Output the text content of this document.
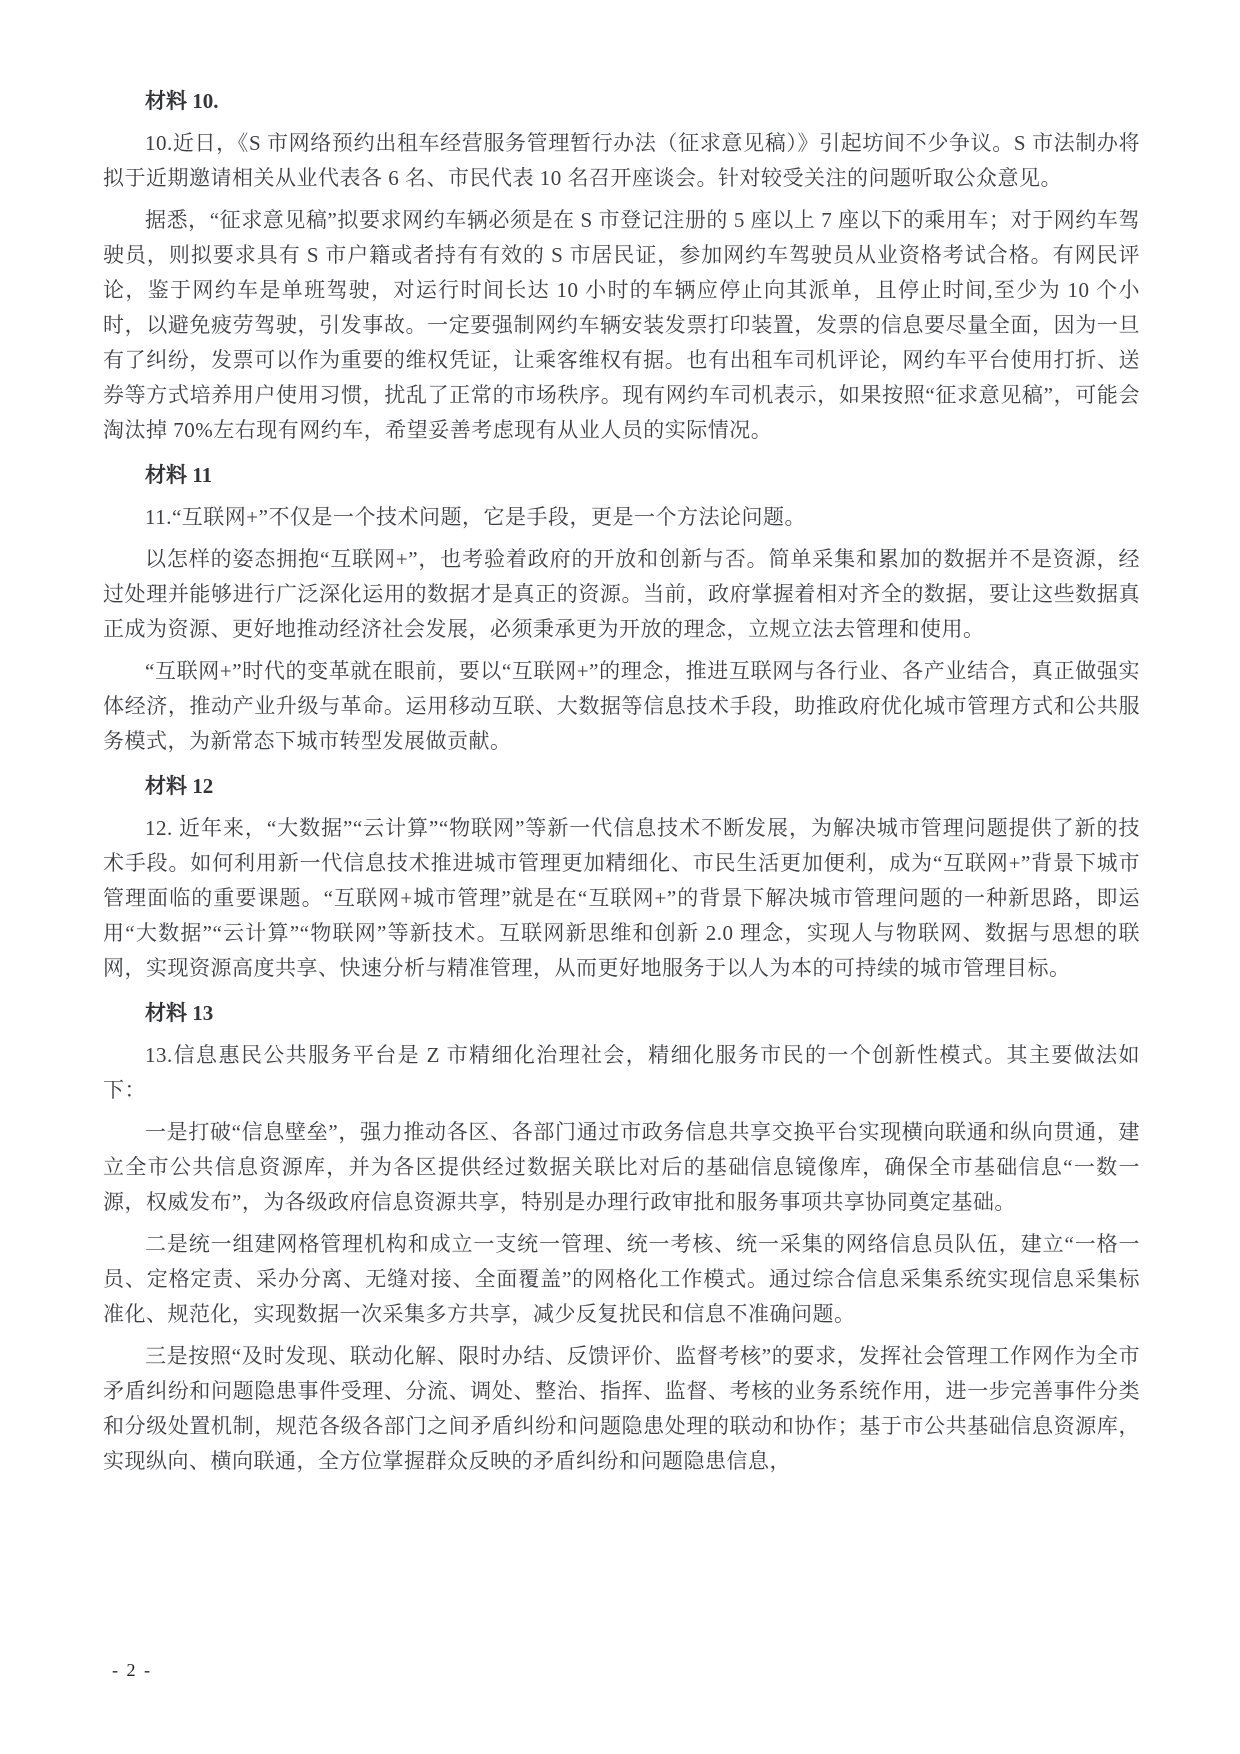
材料 10.

10.近日，《S 市网络预约出租车经营服务管理暂行办法（征求意见稿）》引起坊间不少争议。S 市法制办将拟于近期邀请相关从业代表各 6 名、市民代表 10 名召开座谈会。针对较受关注的问题听取公众意见。

据悉，“征求意见稿”拟要求网约车辆必须是在 S 市登记注册的 5 座以上 7 座以下的乘用车；对于网约车驾驶员，则拟要求具有 S 市户籍或者持有有效的 S 市居民证，参加网约车驾驶员从业资格考试合格。有网民评论，鉴于网约车是单班驾驶，对运行时间长达 10 小时的车辆应停止向其派单，且停止时间,至少为 10 个小时，以避免疲劳驾驶，引发事故。一定要强制网约车辆安装发票打印装置，发票的信息要尽量全面，因为一旦有了纠纷，发票可以作为重要的维权凭证，让乘客维权有据。也有出租车司机评论，网约车平台使用打折、送券等方式培养用户使用习惯，扰乱了正常的市场秩序。现有网约车司机表示，如果按照“征求意见稿”，可能会淘汰掉 70%左右现有网约车，希望妥善考虑现有从业人员的实际情况。

材料 11

11.“互联网+”不仅是一个技术问题，它是手段，更是一个方法论问题。

以怎样的姿态拥抱“互联网+”，也考验着政府的开放和创新与否。简单采集和累加的数据并不是资源，经过处理并能够进行广泛深化运用的数据才是真正的资源。当前，政府掌握着相对齐全的数据，要让这些数据真正成为资源、更好地推动经济社会发展，必须秉承更为开放的理念，立规立法去管理和使用。

“互联网+”时代的变革就在眼前，要以“互联网+”的理念，推进互联网与各行业、各产业结合，真正做强实体经济，推动产业升级与革命。运用移动互联、大数据等信息技术手段，助推政府优化城市管理方式和公共服务模式，为新常态下城市转型发展做贡献。

材料 12

12. 近年来，“大数据”“云计算”“物联网”等新一代信息技术不断发展，为解决城市管理问题提供了新的技术手段。如何利用新一代信息技术推进城市管理更加精细化、市民生活更加便利，成为“互联网+”背景下城市管理面临的重要课题。“互联网+城市管理”就是在“互联网+”的背景下解决城市管理问题的一种新思路，即运用“大数据”“云计算”“物联网”等新技术。互联网新思维和创新 2.0 理念，实现人与物联网、数据与思想的联网，实现资源高度共享、快速分析与精准管理，从而更好地服务于以人为本的可持续的城市管理目标。

材料 13

13.信息惠民公共服务平台是 Z 市精细化治理社会，精细化服务市民的一个创新性模式。其主要做法如下：

一是打破“信息壁垒”，强力推动各区、各部门通过市政务信息共享交换平台实现横向联通和纵向贯通，建立全市公共信息资源库，并为各区提供经过数据关联比对后的基础信息镜像库，确保全市基础信息“一数一源，权威发布”，为各级政府信息资源共享，特别是办理行政审批和服务事项共享协同奠定基础。

二是统一组建网格管理机构和成立一支统一管理、统一考核、统一采集的网络信息员队伍，建立“一格一员、定格定责、采办分离、无缝对接、全面覆盖”的网格化工作模式。通过综合信息采集系统实现信息采集标准化、规范化，实现数据一次采集多方共享，减少反复扰民和信息不准确问题。

三是按照“及时发现、联动化解、限时办结、反馈评价、监督考核”的要求，发挥社会管理工作网作为全市矛盾纠纷和问题隐患事件受理、分流、调处、整治、指挥、监督、考核的业务系统作用，进一步完善事件分类和分级处置机制，规范各级各部门之间矛盾纠纷和问题隐患处理的联动和协作；基于市公共基础信息资源库，实现纵向、横向联通，全方位掌握群众反映的矛盾纠纷和问题隐患信息，

- 2 -
